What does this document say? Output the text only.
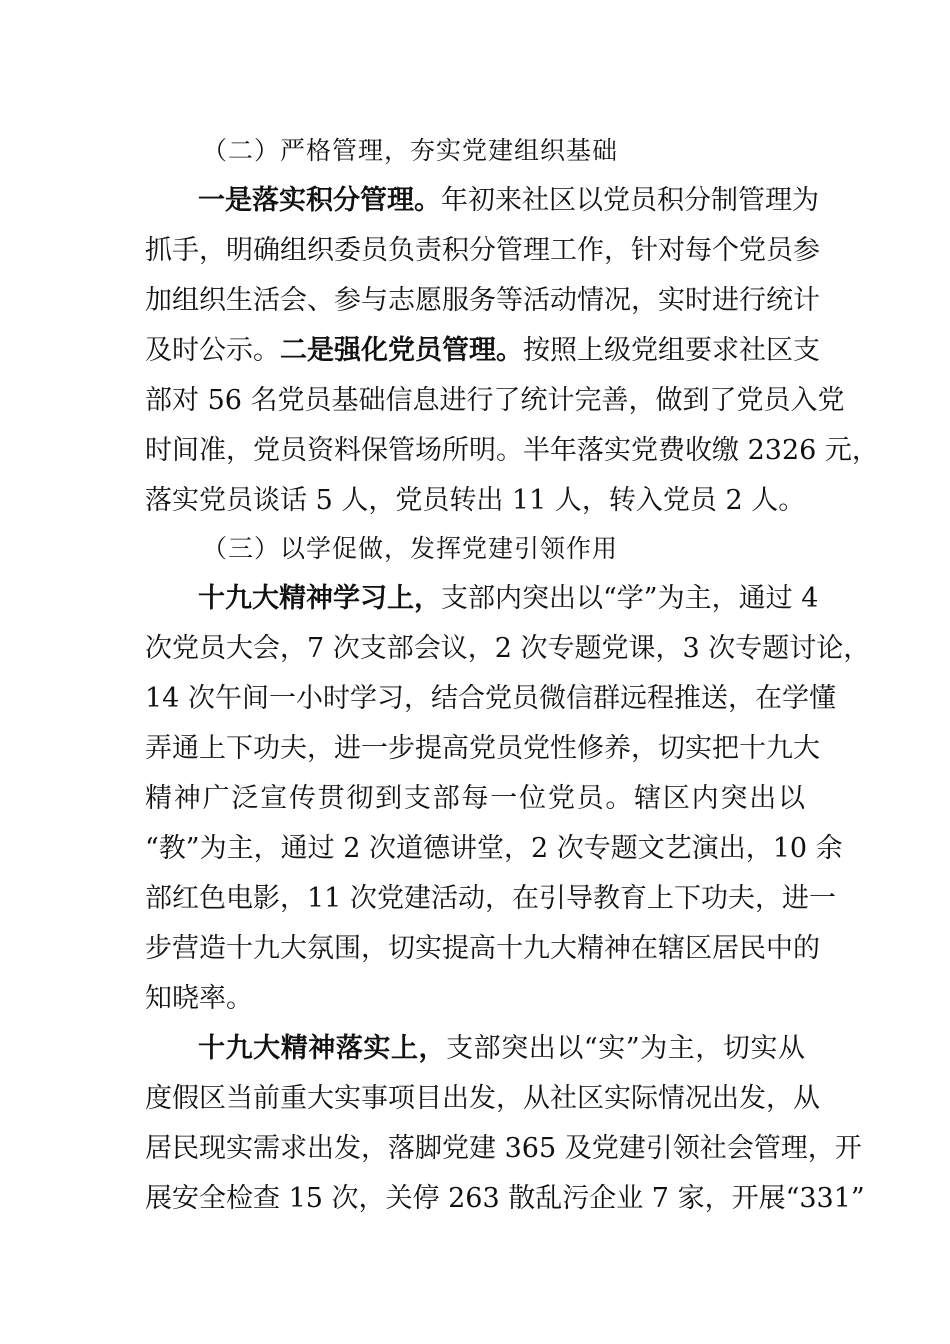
（二）严格管理，夯实党建组织基础
一是落实积分管理。年初来社区以党员积分制管理为
抓手，明确组织委员负责积分管理工作，针对每个党员参
加组织生活会、参与志愿服务等活动情况，实时进行统计
及时公示。二是强化党员管理。按照上级党组要求社区支
部对 56 名党员基础信息进行了统计完善，做到了党员入党
时间准，党员资料保管场所明。半年落实党费收缴 2326 元，
落实党员谈话 5 人，党员转出 11 人，转入党员 2 人。
（三）以学促做，发挥党建引领作用
十九大精神学习上，支部内突出以“学”为主，通过 4
次党员大会，7 次支部会议，2 次专题党课，3 次专题讨论，
14 次午间一小时学习，结合党员微信群远程推送，在学懂
弄通上下功夫，进一步提高党员党性修养，切实把十九大
精神广泛宣传贯彻到支部每一位党员。辖区内突出以
“教”为主，通过 2 次道德讲堂，2 次专题文艺演出，10 余
部红色电影，11 次党建活动，在引导教育上下功夫，进一
步营造十九大氛围，切实提高十九大精神在辖区居民中的
知晓率。
十九大精神落实上，支部突出以“实”为主，切实从
度假区当前重大实事项目出发，从社区实际情况出发，从
居民现实需求出发，落脚党建 365 及党建引领社会管理，开
展安全检查 15 次，关停 263 散乱污企业 7 家，开展“331”
